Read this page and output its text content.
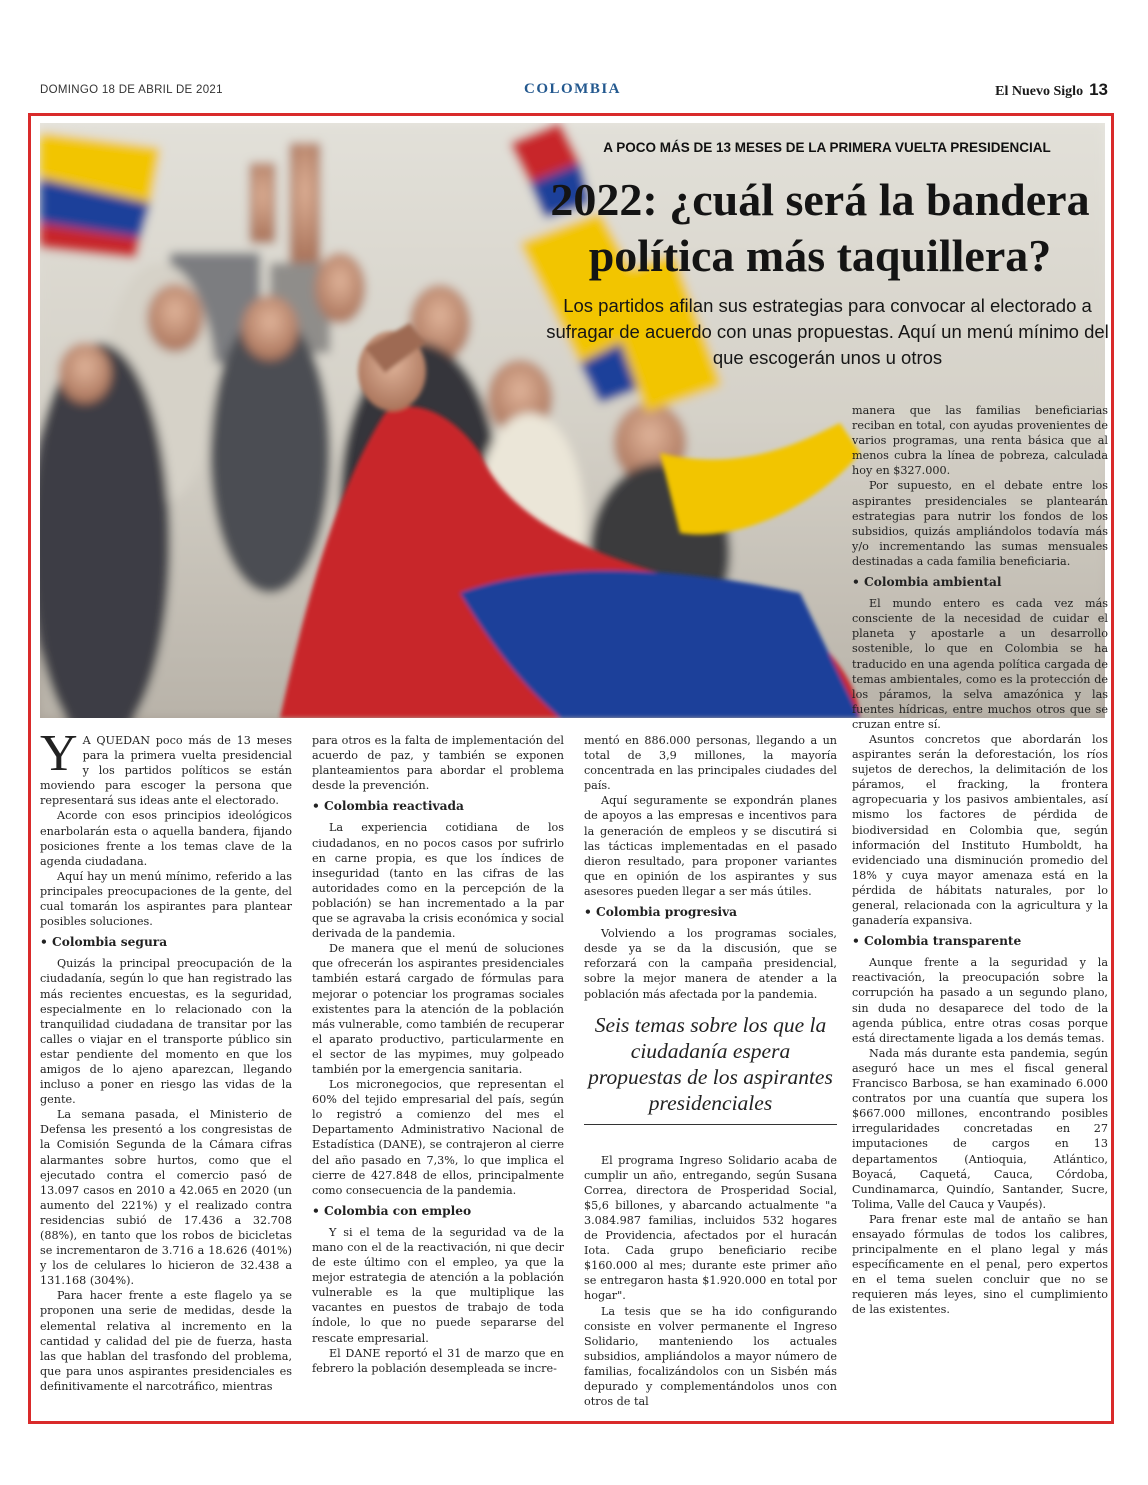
DOMINGO 18 DE ABRIL DE 2021	COLOMBIA	El Nuevo Siglo 13
A POCO MÁS DE 13 MESES DE LA PRIMERA VUELTA PRESIDENCIAL
2022: ¿cuál será la bandera política más taquillera?
Los partidos afilan sus estrategias para convocar al electorado a sufragar de acuerdo con unas propuestas. Aquí un menú mínimo del que escogerán unos u otros

Y A QUEDAN poco más de 13 meses para la primera vuelta presidencial y los partidos políticos se están moviendo para escoger la persona que representará sus ideas ante el electorado.

Acorde con esos principios ideológicos enarbolarán esta o aquella bandera, fijando posiciones frente a los temas clave de la agenda ciudadana.

Aquí hay un menú mínimo, referido a las principales preocupaciones de la gente, del cual tomarán los aspirantes para plantear posibles soluciones.

• Colombia segura

Quizás la principal preocupación de la ciudadanía, según lo que han registrado las más recientes encuestas, es la seguridad, especialmente en lo relacionado con la tranquilidad ciudadana de transitar por las calles o viajar en el transporte público sin estar pendiente del momento en que los amigos de lo ajeno aparezcan, llegando incluso a poner en riesgo las vidas de la gente.

La semana pasada, el Ministerio de Defensa les presentó a los congresistas de la Comisión Segunda de la Cámara cifras alarmantes sobre hurtos, como que el ejecutado contra el comercio pasó de 13.097 casos en 2010 a 42.065 en 2020 (un aumento del 221%) y el realizado contra residencias subió de 17.436 a 32.708 (88%), en tanto que los robos de bicicletas se incrementaron de 3.716 a 18.626 (401%) y los de celulares lo hicieron de 32.438 a 131.168 (304%).

Para hacer frente a este flagelo ya se proponen una serie de medidas, desde la elemental relativa al incremento en la cantidad y calidad del pie de fuerza, hasta las que hablan del trasfondo del problema, que para unos aspirantes presidenciales es definitivamente el narcotráfico, mientras

para otros es la falta de implementación del acuerdo de paz, y también se exponen planteamientos para abordar el problema desde la prevención.

• Colombia reactivada

La experiencia cotidiana de los ciudadanos, en no pocos casos por sufrirlo en carne propia, es que los índices de inseguridad (tanto en las cifras de las autoridades como en la percepción de la población) se han incrementado a la par que se agravaba la crisis económica y social derivada de la pandemia.

De manera que el menú de soluciones que ofrecerán los aspirantes presidenciales también estará cargado de fórmulas para mejorar o potenciar los programas sociales existentes para la atención de la población más vulnerable, como también de recuperar el aparato productivo, particularmente en el sector de las mypimes, muy golpeado también por la emergencia sanitaria.

Los micronegocios, que representan el 60% del tejido empresarial del país, según lo registró a comienzo del mes el Departamento Administrativo Nacional de Estadística (DANE), se contrajeron al cierre del año pasado en 7,3%, lo que implica el cierre de 427.848 de ellos, principalmente como consecuencia de la pandemia.

• Colombia con empleo

Y si el tema de la seguridad va de la mano con el de la reactivación, ni que decir de este último con el empleo, ya que la mejor estrategia de atención a la población vulnerable es la que multiplique las vacantes en puestos de trabajo de toda índole, lo que no puede separarse del rescate empresarial.

El DANE reportó el 31 de marzo que en febrero la población desempleada se incre-

mentó en 886.000 personas, llegando a un total de 3,9 millones, la mayoría concentrada en las principales ciudades del país.

Aquí seguramente se expondrán planes de apoyos a las empresas e incentivos para la generación de empleos y se discutirá si las tácticas implementadas en el pasado dieron resultado, para proponer variantes que en opinión de los aspirantes y sus asesores pueden llegar a ser más útiles.

• Colombia progresiva

Volviendo a los programas sociales, desde ya se da la discusión, que se reforzará con la campaña presidencial, sobre la mejor manera de atender a la población más afectada por la pandemia.

Seis temas sobre los que la ciudadanía espera propuestas de los aspirantes presidenciales

El programa Ingreso Solidario acaba de cumplir un año, entregando, según Susana Correa, directora de Prosperidad Social, $5,6 billones, y abarcando actualmente "a 3.084.987 familias, incluidos 532 hogares de Providencia, afectados por el huracán Iota. Cada grupo beneficiario recibe $160.000 al mes; durante este primer año se entregaron hasta $1.920.000 en total por hogar".

La tesis que se ha ido configurando consiste en volver permanente el Ingreso Solidario, manteniendo los actuales subsidios, ampliándolos a mayor número de familias, focalizándolos con un Sisbén más depurado y complementándolos unos con otros de tal

manera que las familias beneficiarias reciban en total, con ayudas provenientes de varios programas, una renta básica que al menos cubra la línea de pobreza, calculada hoy en $327.000.

Por supuesto, en el debate entre los aspirantes presidenciales se plantearán estrategias para nutrir los fondos de los subsidios, quizás ampliándolos todavía más y/o incrementando las sumas mensuales destinadas a cada familia beneficiaria.

• Colombia ambiental

El mundo entero es cada vez más consciente de la necesidad de cuidar el planeta y apostarle a un desarrollo sostenible, lo que en Colombia se ha traducido en una agenda política cargada de temas ambientales, como es la protección de los páramos, la selva amazónica y las fuentes hídricas, entre muchos otros que se cruzan entre sí.

Asuntos concretos que abordarán los aspirantes serán la deforestación, los ríos sujetos de derechos, la delimitación de los páramos, el fracking, la frontera agropecuaria y los pasivos ambientales, así mismo los factores de pérdida de biodiversidad en Colombia que, según información del Instituto Humboldt, ha evidenciado una disminución promedio del 18% y cuya mayor amenaza está en la pérdida de hábitats naturales, por lo general, relacionada con la agricultura y la ganadería expansiva.

• Colombia transparente

Aunque frente a la seguridad y la reactivación, la preocupación sobre la corrupción ha pasado a un segundo plano, sin duda no desaparece del todo de la agenda pública, entre otras cosas porque está directamente ligada a los demás temas.

Nada más durante esta pandemia, según aseguró hace un mes el fiscal general Francisco Barbosa, se han examinado 6.000 contratos por una cuantía que supera los $667.000 millones, encontrando posibles irregularidades concretadas en 27 imputaciones de cargos en 13 departamentos (Antioquia, Atlántico, Boyacá, Caquetá, Cauca, Córdoba, Cundinamarca, Quindío, Santander, Sucre, Tolima, Valle del Cauca y Vaupés).

Para frenar este mal de antaño se han ensayado fórmulas de todos los calibres, principalmente en el plano legal y más específicamente en el penal, pero expertos en el tema suelen concluir que no se requieren más leyes, sino el cumplimiento de las existentes.
